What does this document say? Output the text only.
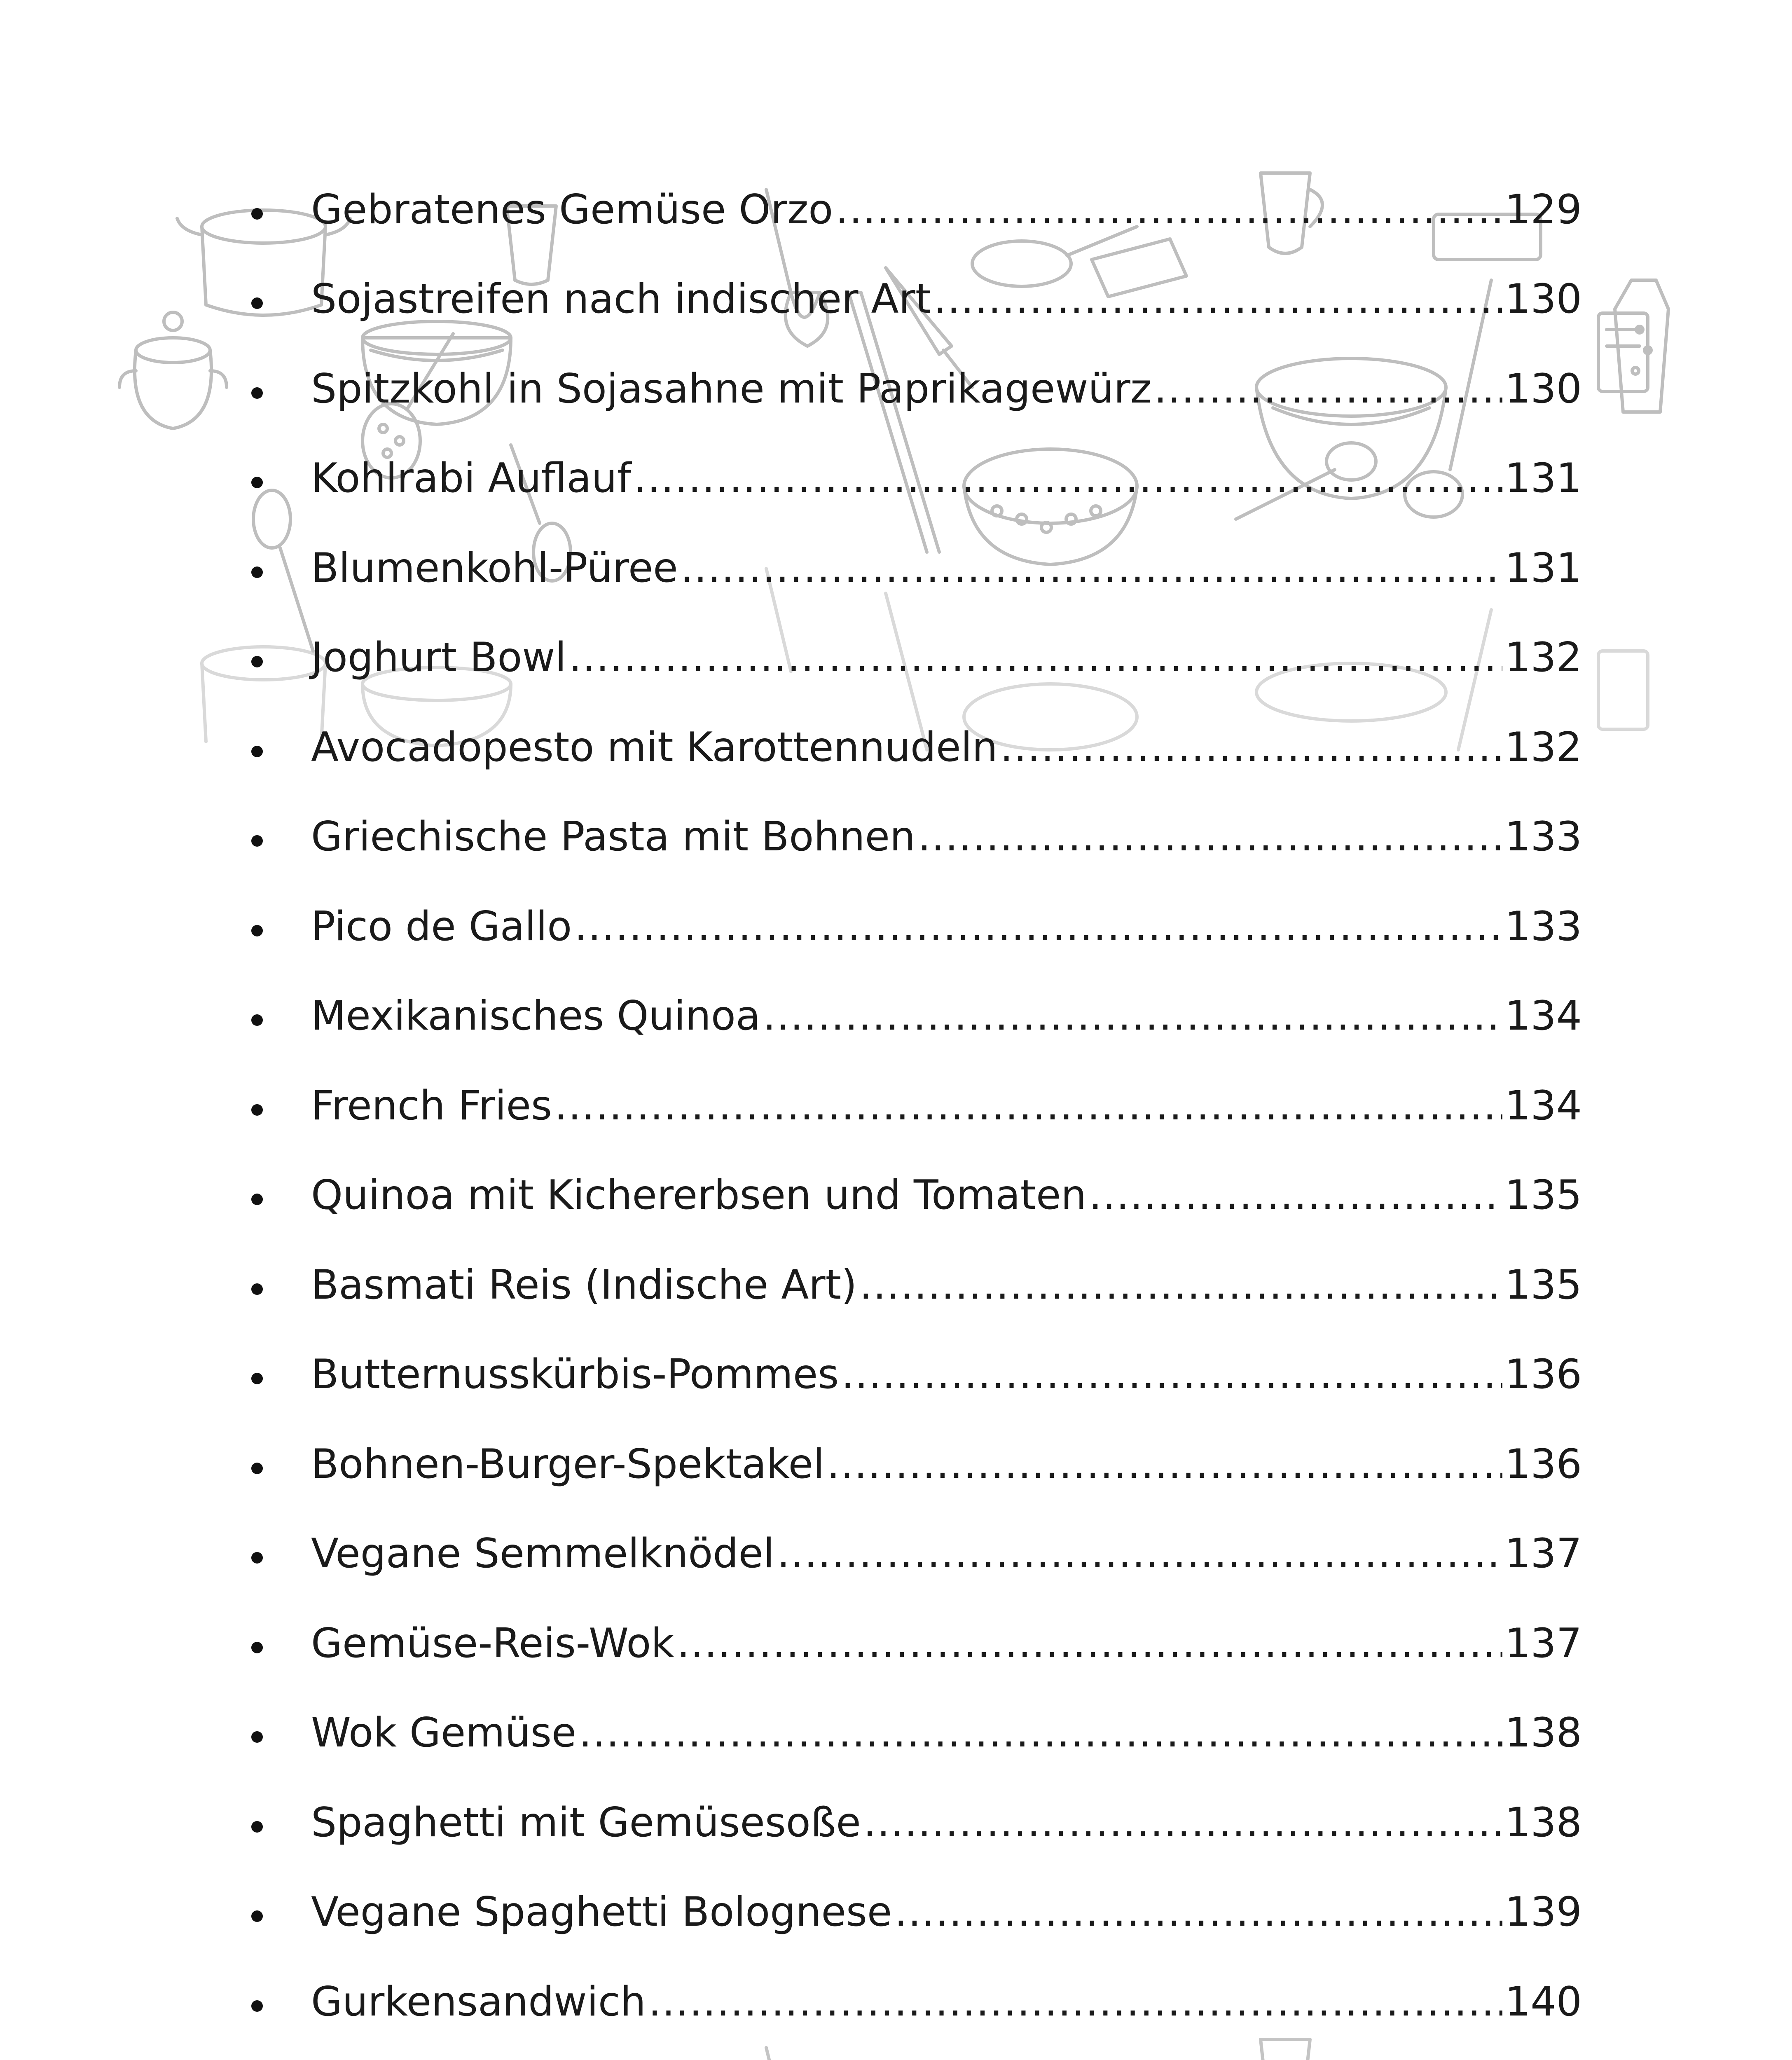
Gebratenes Gemüse Orzo .....	129
Sojastreifen nach indischer Art .....	130
Spitzkohl in Sojasahne mit Paprikagewürz .....	130
Kohlrabi Auflauf .....	131
Blumenkohl-Püree .....	131
Joghurt Bowl .....	132
Avocadopesto mit Karottennudeln .....	132
Griechische Pasta mit Bohnen .....	133
Pico de Gallo .....	133
Mexikanisches Quinoa .....	134
French Fries .....	134
Quinoa mit Kichererbsen und Tomaten .....	135
Basmati Reis (Indische Art) .....	135
Butternusskürbis-Pommes .....	136
Bohnen-Burger-Spektakel .....	136
Vegane Semmelknödel .....	137
Gemüse-Reis-Wok .....	137
Wok Gemüse .....	138
Spaghetti mit Gemüsesoße .....	138
Vegane Spaghetti Bolognese .....	139
Gurkensandwich .....	140
